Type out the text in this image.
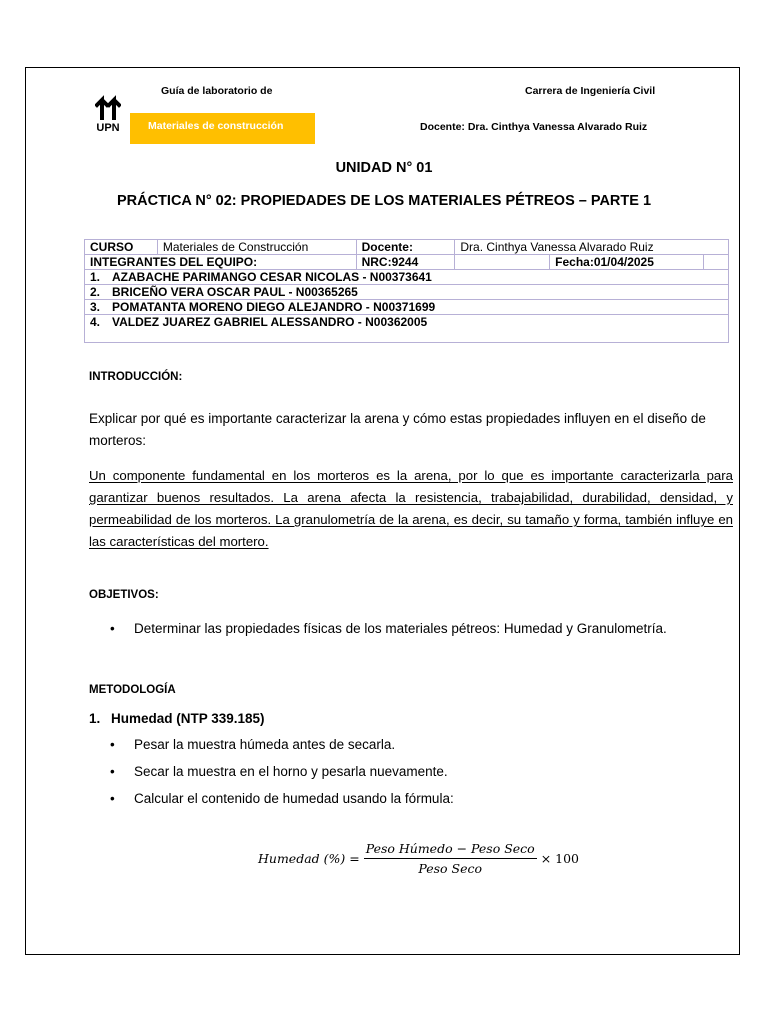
UPN
Guía de laboratorio de
Materiales de construcción
Carrera de Ingeniería Civil
Docente: Dra. Cinthya Vanessa Alvarado Ruiz
UNIDAD N° 01
PRÁCTICA N° 02: PROPIEDADES DE LOS MATERIALES PÉTREOS – PARTE 1
CURSO	Materiales de Construcción	Docente:	Dra. Cinthya Vanessa Alvarado Ruiz		
INTEGRANTES DEL EQUIPO:		NRC:9244		Fecha:01/04/2025	
1. AZABACHE PARIMANGO CESAR NICOLAS - N00373641					
2. BRICEÑO VERA OSCAR PAUL - N00365265					
3. POMATANTA MORENO DIEGO ALEJANDRO - N00371699					
4. VALDEZ JUAREZ GABRIEL ALESSANDRO - N00362005					
INTRODUCCIÓN:
Explicar por qué es importante caracterizar la arena y cómo estas propiedades influyen en el diseño de morteros:
Un componente fundamental en los morteros es la arena, por lo que es importante caracterizarla para garantizar buenos resultados. La arena afecta la resistencia, trabajabilidad, durabilidad, densidad, y permeabilidad de los morteros. La granulometría de la arena, es decir, su tamaño y forma, también influye en las características del mortero.
OBJETIVOS:
• Determinar las propiedades físicas de los materiales pétreos: Humedad y Granulometría.
METODOLOGÍA
1. Humedad (NTP 339.185)
• Pesar la muestra húmeda antes de secarla.
• Secar la muestra en el horno y pesarla nuevamente.
• Calcular el contenido de humedad usando la fórmula:
Humedad (%) = $\frac{\text{Peso Húmedo − Peso Seco}}{\text{Peso Seco}} \times 100$
